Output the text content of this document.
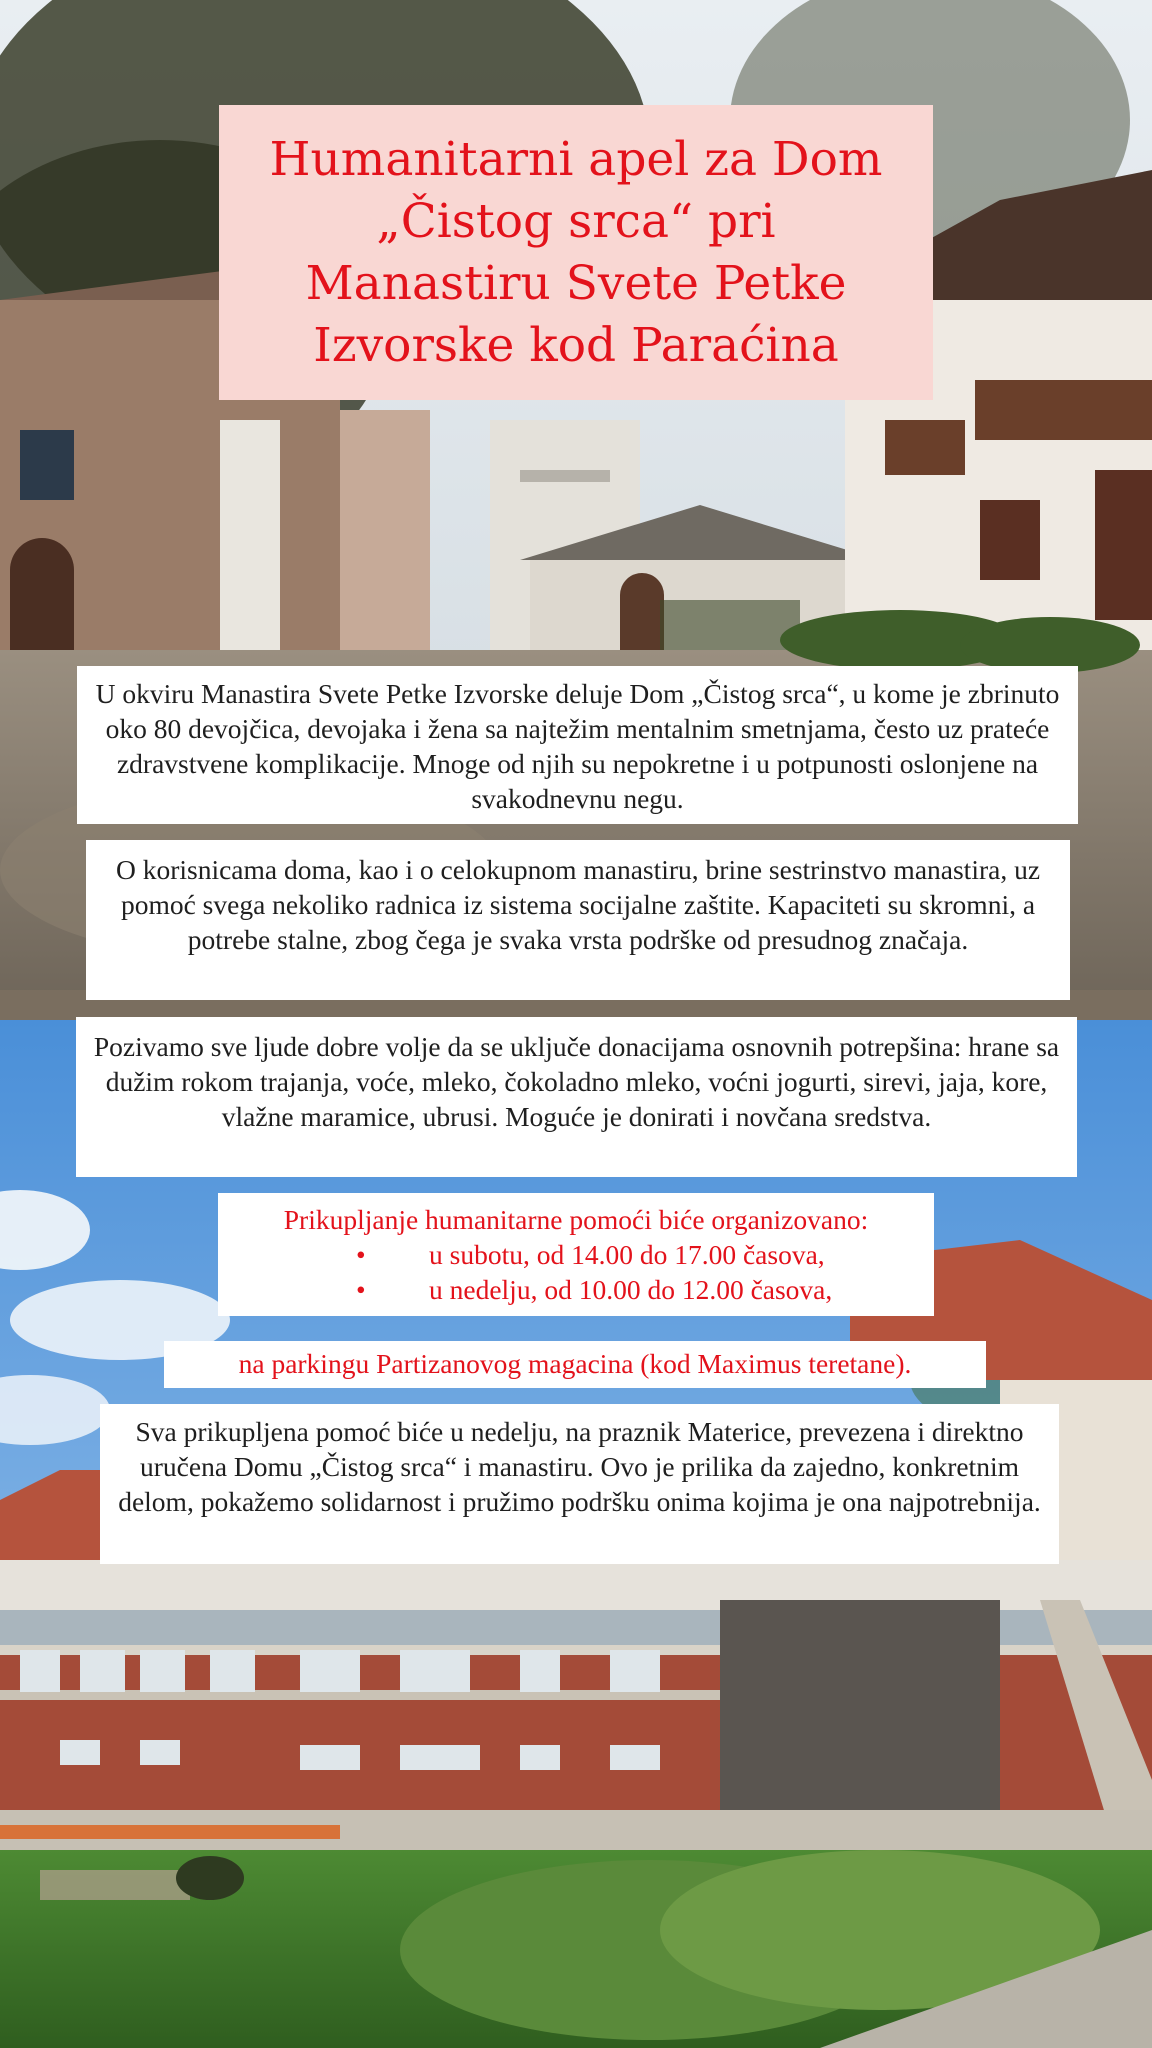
Humanitarni apel za Dom „Čistog srca“ pri Manastiru Svete Petke Izvorske kod Paraćina

U okviru Manastira Svete Petke Izvorske deluje Dom „Čistog srca“, u kome je zbrinuto oko 80 devojčica, devojaka i žena sa najtežim mentalnim smetnjama, često uz prateće zdravstvene komplikacije. Mnoge od njih su nepokretne i u potpunosti oslonjene na svakodnevnu negu.

O korisnicama doma, kao i o celokupnom manastiru, brine sestrinstvo manastira, uz pomoć svega nekoliko radnica iz sistema socijalne zaštite. Kapaciteti su skromni, a potrebe stalne, zbog čega je svaka vrsta podrške od presudnog značaja.

Pozivamo sve ljude dobre volje da se uključe donacijama osnovnih potrepšina: hrane sa dužim rokom trajanja, voće, mleko, čokoladno mleko, voćni jogurti, sirevi, jaja, kore, vlažne maramice, ubrusi. Moguće je donirati i novčana sredstva.

Prikupljanje humanitarne pomoći biće organizovano:
•	u subotu, od 14.00 do 17.00 časova,
•	u nedelju, od 10.00 do 12.00 časova,

na parkingu Partizanovog magacina (kod Maximus teretane).

Sva prikupljena pomoć biće u nedelju, na praznik Materice, prevezena i direktno uručena Domu „Čistog srca“ i manastiru. Ovo je prilika da zajedno, konkretnim delom, pokažemo solidarnost i pružimo podršku onima kojima je ona najpotrebnija.
